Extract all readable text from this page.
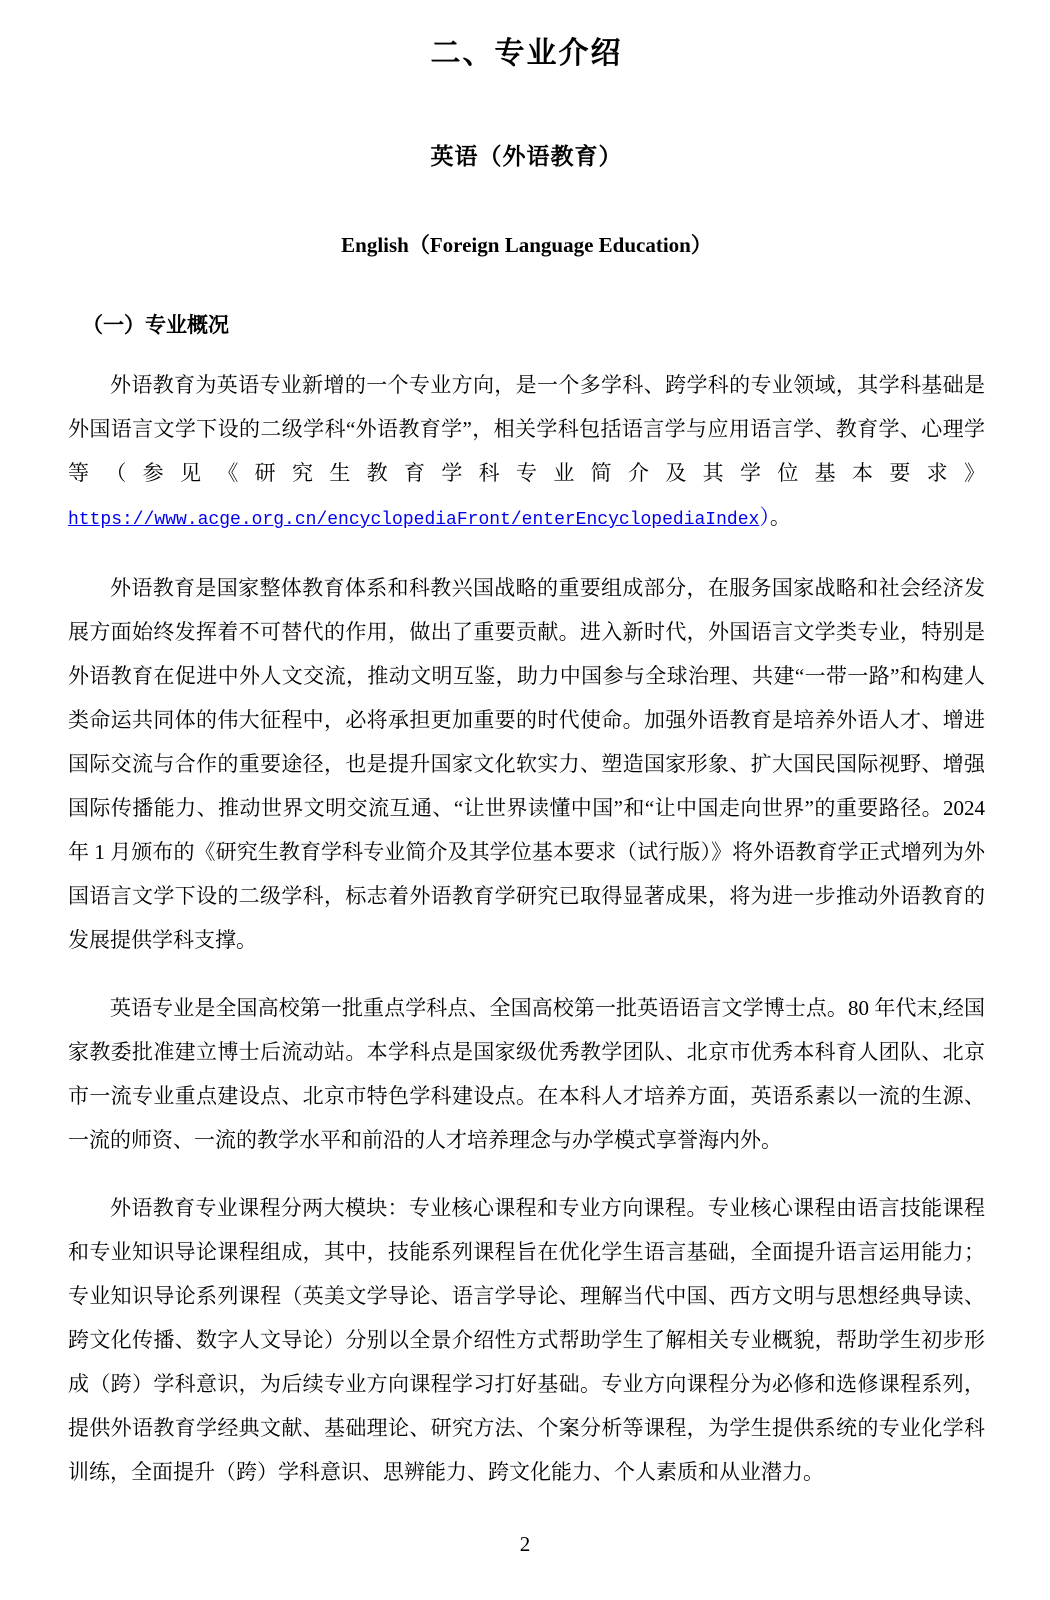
二、专业介绍
英语（外语教育）
English（Foreign Language Education）
（一）专业概况

外语教育为英语专业新增的一个专业方向，是一个多学科、跨学科的专业领域，其学科基础是外国语言文学下设的二级学科“外语教育学”，相关学科包括语言学与应用语言学、教育学、心理学等（参见《研究生教育学科专业简介及其学位基本要求》https://www.acge.org.cn/encyclopediaFront/enterEncyclopediaIndex）。

外语教育是国家整体教育体系和科教兴国战略的重要组成部分，在服务国家战略和社会经济发展方面始终发挥着不可替代的作用，做出了重要贡献。进入新时代，外国语言文学类专业，特别是外语教育在促进中外人文交流，推动文明互鉴，助力中国参与全球治理、共建“一带一路”和构建人类命运共同体的伟大征程中，必将承担更加重要的时代使命。加强外语教育是培养外语人才、增进国际交流与合作的重要途径，也是提升国家文化软实力、塑造国家形象、扩大国民国际视野、增强国际传播能力、推动世界文明交流互通、“让世界读懂中国”和“让中国走向世界”的重要路径。2024 年 1 月颁布的《研究生教育学科专业简介及其学位基本要求（试行版）》将外语教育学正式增列为外国语言文学下设的二级学科，标志着外语教育学研究已取得显著成果，将为进一步推动外语教育的发展提供学科支撑。

英语专业是全国高校第一批重点学科点、全国高校第一批英语语言文学博士点。80 年代末,经国家教委批准建立博士后流动站。本学科点是国家级优秀教学团队、北京市优秀本科育人团队、北京市一流专业重点建设点、北京市特色学科建设点。在本科人才培养方面，英语系素以一流的生源、一流的师资、一流的教学水平和前沿的人才培养理念与办学模式享誉海内外。

外语教育专业课程分两大模块：专业核心课程和专业方向课程。专业核心课程由语言技能课程和专业知识导论课程组成，其中，技能系列课程旨在优化学生语言基础，全面提升语言运用能力；专业知识导论系列课程（英美文学导论、语言学导论、理解当代中国、西方文明与思想经典导读、跨文化传播、数字人文导论）分别以全景介绍性方式帮助学生了解相关专业概貌，帮助学生初步形成（跨）学科意识，为后续专业方向课程学习打好基础。专业方向课程分为必修和选修课程系列，提供外语教育学经典文献、基础理论、研究方法、个案分析等课程，为学生提供系统的专业化学科训练，全面提升（跨）学科意识、思辨能力、跨文化能力、个人素质和从业潜力。

2
